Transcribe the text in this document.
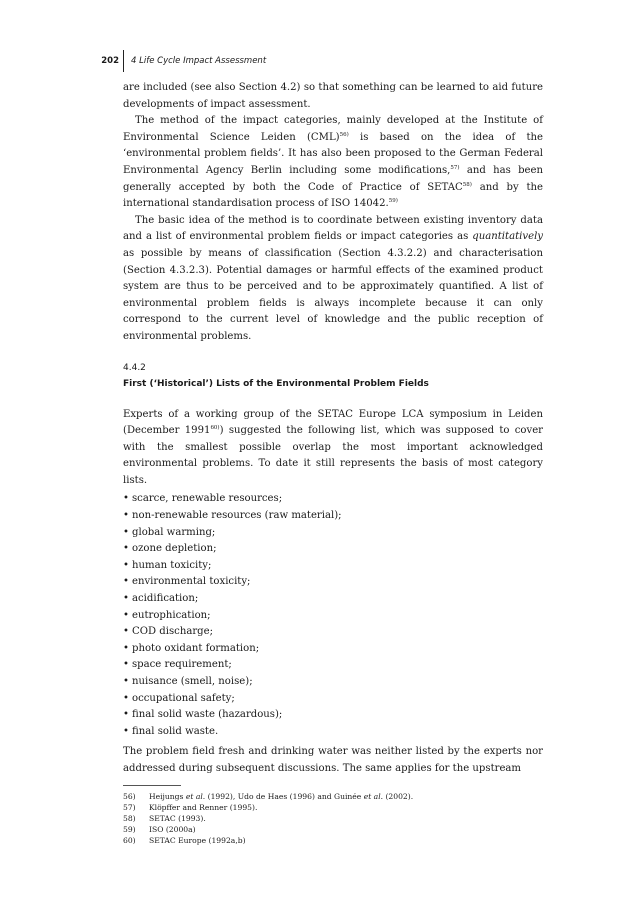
202	4 Life Cycle Impact Assessment

are included (see also Section 4.2) so that something can be learned to aid future developments of impact assessment.

The method of the impact categories, mainly developed at the Institute of Environmental Science Leiden (CML)$^{56)}$ is based on the idea of the ‘environmental problem fields’. It has also been proposed to the German Federal Environmental Agency Berlin including some modifications,$^{57)}$ and has been generally accepted by both the Code of Practice of SETAC$^{58)}$ and by the international standardisation process of ISO 14042.$^{59)}$

The basic idea of the method is to coordinate between existing inventory data and a list of environmental problem fields or impact categories as quantitatively as possible by means of classification (Section 4.3.2.2) and characterisation (Section 4.3.2.3). Potential damages or harmful effects of the examined product system are thus to be perceived and to be approximately quantified. A list of environmental problem fields is always incomplete because it can only correspond to the current level of knowledge and the public reception of environmental problems.

4.4.2
First (‘Historical’) Lists of the Environmental Problem Fields

Experts of a working group of the SETAC Europe LCA symposium in Leiden (December 1991$^{60)}$) suggested the following list, which was supposed to cover with the smallest possible overlap the most important acknowledged environmental problems. To date it still represents the basis of most category lists.

• scarce, renewable resources;
• non-renewable resources (raw material);
• global warming;
• ozone depletion;
• human toxicity;
• environmental toxicity;
• acidification;
• eutrophication;
• COD discharge;
• photo oxidant formation;
• space requirement;
• nuisance (smell, noise);
• occupational safety;
• final solid waste (hazardous);
• final solid waste.

The problem field fresh and drinking water was neither listed by the experts nor addressed during subsequent discussions. The same applies for the upstream

56)	Heijungs et al. (1992), Udo de Haes (1996) and Guinée et al. (2002).
57)	Klöpffer and Renner (1995).
58)	SETAC (1993).
59)	ISO (2000a)
60)	SETAC Europe (1992a,b)
